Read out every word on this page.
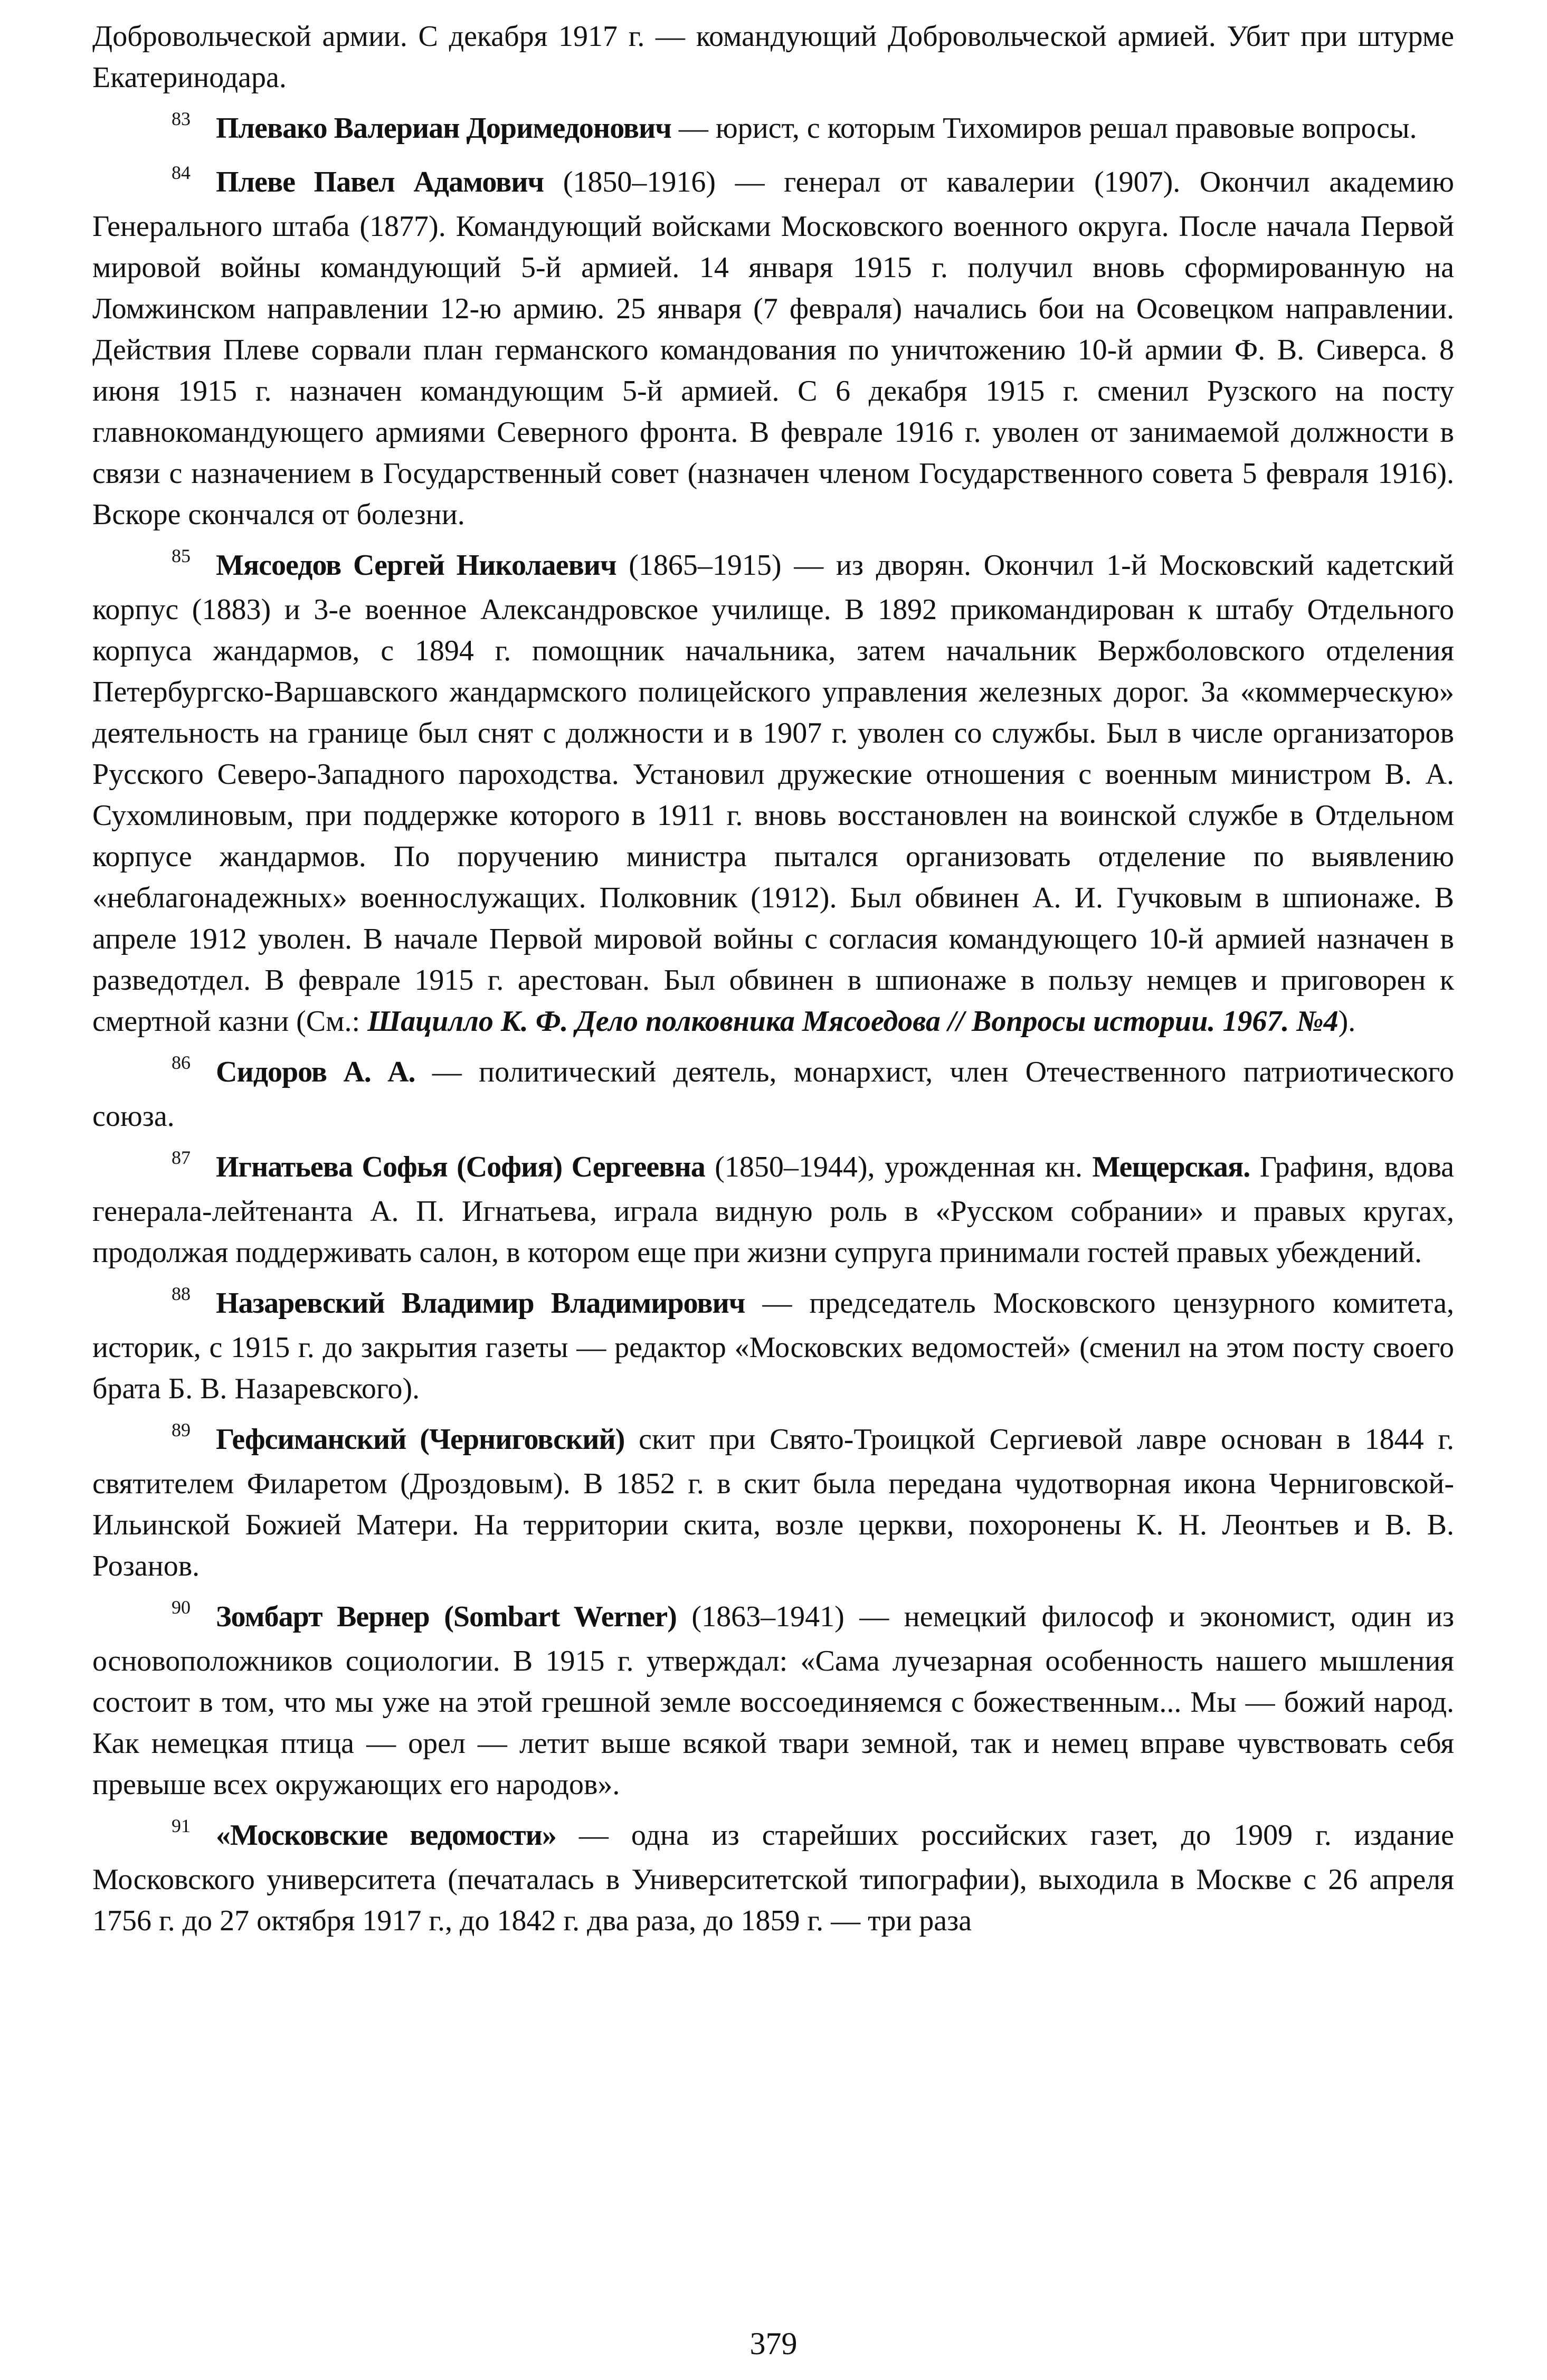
Добровольческой армии. С декабря 1917 г. — командующий Добровольческой армией. Убит при штурме Екатеринодара.

$^{83}$ Плевако Валериан Доримедонович — юрист, с которым Тихомиров решал правовые вопросы.

$^{84}$ Плеве Павел Адамович (1850–1916) — генерал от кавалерии (1907). Окончил академию Генерального штаба (1877). Командующий войсками Московского военного округа. После начала Первой мировой войны командующий 5-й армией. 14 января 1915 г. получил вновь сформированную на Ломжинском направлении 12-ю армию. 25 января (7 февраля) начались бои на Осовецком направлении. Действия Плеве сорвали план германского командования по уничтожению 10-й армии Ф. В. Сиверса. 8 июня 1915 г. назначен командующим 5-й армией. С 6 декабря 1915 г. сменил Рузского на посту главнокомандующего армиями Северного фронта. В феврале 1916 г. уволен от занимаемой должности в связи с назначением в Государственный совет (назначен членом Государственного совета 5 февраля 1916). Вскоре скончался от болезни.

$^{85}$ Мясоедов Сергей Николаевич (1865–1915) — из дворян. Окончил 1-й Московский кадетский корпус (1883) и 3-е военное Александровское училище. В 1892 прикомандирован к штабу Отдельного корпуса жандармов, с 1894 г. помощник начальника, затем начальник Вержболовского отделения Петербургско-Варшавского жандармского полицейского управления железных дорог. За «коммерческую» деятельность на границе был снят с должности и в 1907 г. уволен со службы. Был в числе организаторов Русского Северо-Западного пароходства. Установил дружеские отношения с военным министром В. А. Сухомлиновым, при поддержке которого в 1911 г. вновь восстановлен на воинской службе в Отдельном корпусе жандармов. По поручению министра пытался организовать отделение по выявлению «неблагонадежных» военнослужащих. Полковник (1912). Был обвинен А. И. Гучковым в шпионаже. В апреле 1912 уволен. В начале Первой мировой войны с согласия командующего 10-й армией назначен в разведотдел. В феврале 1915 г. арестован. Был обвинен в шпионаже в пользу немцев и приговорен к смертной казни (См.: Шацилло К. Ф. Дело полковника Мясоедова // Вопросы истории. 1967. №4).

$^{86}$ Сидоров А. А. — политический деятель, монархист, член Отечественного патриотического союза.

$^{87}$ Игнатьева Софья (София) Сергеевна (1850–1944), урожденная кн. Мещерская. Графиня, вдова генерала-лейтенанта А. П. Игнатьева, играла видную роль в «Русском собрании» и правых кругах, продолжая поддерживать салон, в котором еще при жизни супруга принимали гостей правых убеждений.

$^{88}$ Назаревский Владимир Владимирович — председатель Московского цензурного комитета, историк, с 1915 г. до закрытия газеты — редактор «Московских ведомостей» (сменил на этом посту своего брата Б. В. Назаревского).

$^{89}$ Гефсиманский (Черниговский) скит при Свято-Троицкой Сергиевой лавре основан в 1844 г. святителем Филаретом (Дроздовым). В 1852 г. в скит была передана чудотворная икона Черниговской-Ильинской Божией Матери. На территории скита, возле церкви, похоронены К. Н. Леонтьев и В. В. Розанов.

$^{90}$ Зомбарт Вернер (Sombart Werner) (1863–1941) — немецкий философ и экономист, один из основоположников социологии. В 1915 г. утверждал: «Сама лучезарная особенность нашего мышления состоит в том, что мы уже на этой грешной земле воссоединяемся с божественным... Мы — божий народ. Как немецкая птица — орел — летит выше всякой твари земной, так и немец вправе чувствовать себя превыше всех окружающих его народов».

$^{91}$ «Московские ведомости» — одна из старейших российских газет, до 1909 г. издание Московского университета (печаталась в Университетской типографии), выходила в Москве с 26 апреля 1756 г. до 27 октября 1917 г., до 1842 г. два раза, до 1859 г. — три раза

379
